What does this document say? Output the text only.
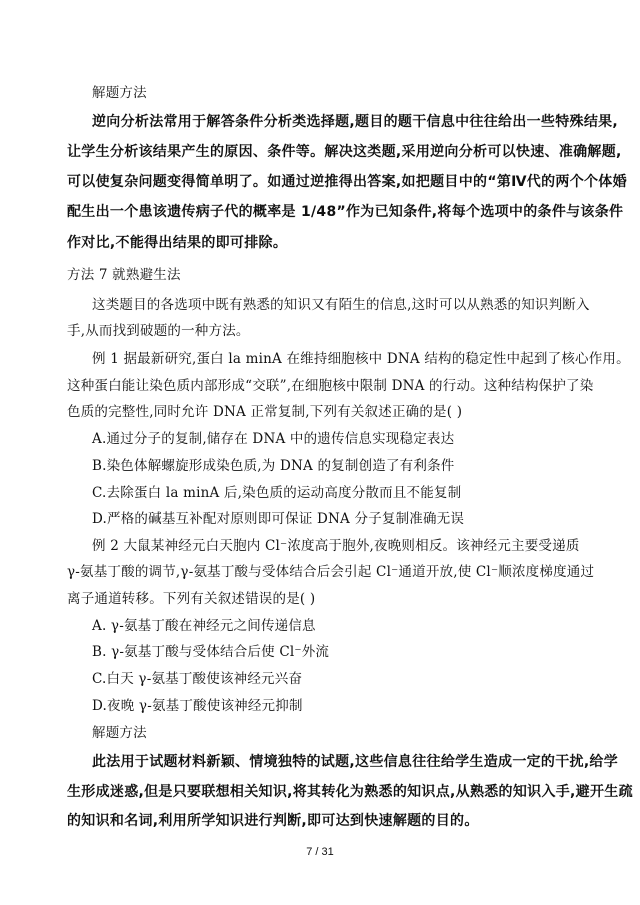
解题方法
逆向分析法常用于解答条件分析类选择题,题目的题干信息中往往给出一些特殊结果,
让学生分析该结果产生的原因、条件等。解决这类题,采用逆向分析可以快速、准确解题,
可以使复杂问题变得简单明了。如通过逆推得出答案,如把题目中的“第Ⅳ代的两个个体婚
配生出一个患该遗传病子代的概率是 1/48”作为已知条件,将每个选项中的条件与该条件
作对比,不能得出结果的即可排除。
方法 7 就熟避生法
这类题目的各选项中既有熟悉的知识又有陌生的信息,这时可以从熟悉的知识判断入
手,从而找到破题的一种方法。
例 1 据最新研究,蛋白 la minA 在维持细胞核中 DNA 结构的稳定性中起到了核心作用。
这种蛋白能让染色质内部形成“交联”,在细胞核中限制 DNA 的行动。这种结构保护了染
色质的完整性,同时允许 DNA 正常复制,下列有关叙述正确的是( )
A.通过分子的复制,储存在 DNA 中的遗传信息实现稳定表达
B.染色体解螺旋形成染色质,为 DNA 的复制创造了有利条件
C.去除蛋白 la minA 后,染色质的运动高度分散而且不能复制
D.严格的碱基互补配对原则即可保证 DNA 分子复制准确无误
例 2 大鼠某神经元白天胞内 Cl⁻浓度高于胞外,夜晚则相反。该神经元主要受递质
γ-氨基丁酸的调节,γ-氨基丁酸与受体结合后会引起 Cl⁻通道开放,使 Cl⁻顺浓度梯度通过
离子通道转移。下列有关叙述错误的是( )
A. γ-氨基丁酸在神经元之间传递信息
B. γ-氨基丁酸与受体结合后使 Cl⁻外流
C.白天 γ-氨基丁酸使该神经元兴奋
D.夜晚 γ-氨基丁酸使该神经元抑制
解题方法
此法用于试题材料新颖、情境独特的试题,这些信息往往给学生造成一定的干扰,给学
生形成迷惑,但是只要联想相关知识,将其转化为熟悉的知识点,从熟悉的知识入手,避开生疏
的知识和名词,利用所学知识进行判断,即可达到快速解题的目的。
7 / 31
